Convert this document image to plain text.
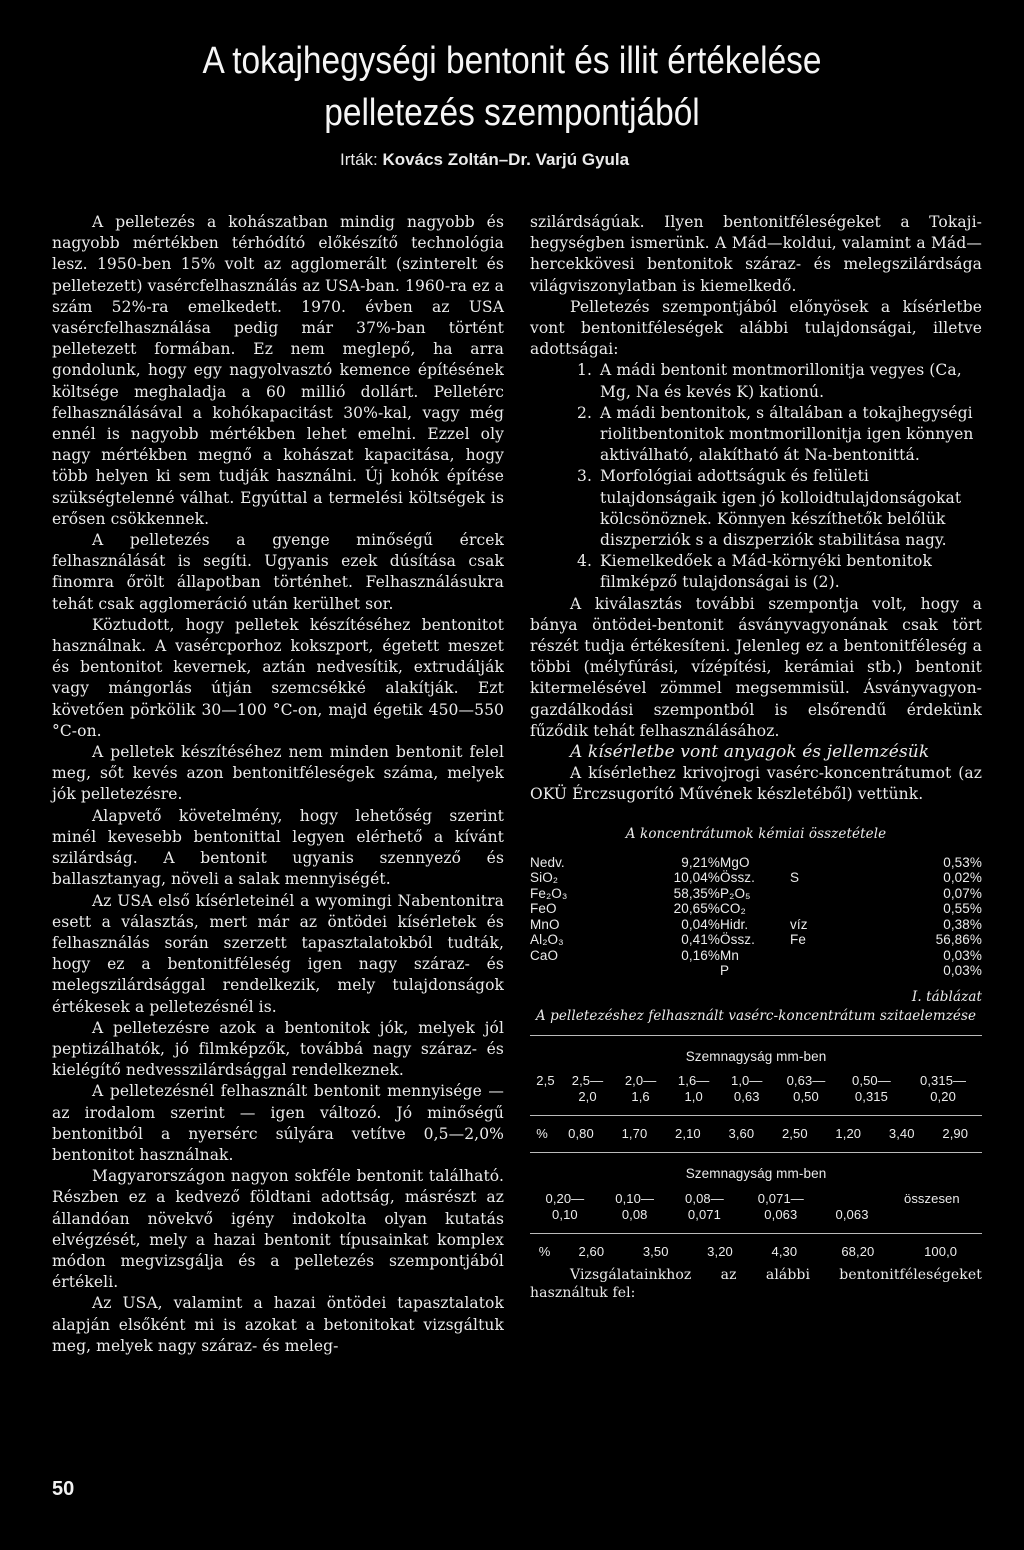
A tokajhegységi bentonit és illit értékelése
pelletezés szempontjából
Irták: Kovács Zoltán–Dr. Varjú Gyula

A pelletezés a kohászatban mindig nagyobb és nagyobb mértékben térhódító előkészítő technológia lesz. 1950-ben 15% volt az agglomerált (szinterelt és pelletezett) vasércfelhasználás az USA-ban. 1960-ra ez a szám 52%-ra emelkedett. 1970. évben az USA vasércfelhasználása pedig már 37%-ban történt pelletezett formában. Ez nem meglepő, ha arra gondolunk, hogy egy nagyolvasztó kemence építésének költsége meghaladja a 60 millió dollárt. Pelletérc felhasználásával a kohókapacitást 30%-kal, vagy még ennél is nagyobb mértékben lehet emelni. Ezzel oly nagy mértékben megnő a kohászat kapacitása, hogy több helyen ki sem tudják használni. Új kohók építése szükségtelenné válhat. Egyúttal a termelési költségek is erősen csökkennek.

A pelletezés a gyenge minőségű ércek felhasználását is segíti. Ugyanis ezek dúsítása csak finomra őrölt állapotban történhet. Felhasználásukra tehát csak agglomeráció után kerülhet sor.

Köztudott, hogy pelletek készítéséhez bentonitot használnak. A vasércporhoz kokszport, égetett meszet és bentonitot kevernek, aztán nedvesítik, extrudálják vagy mángorlás útján szemcsékké alakítják. Ezt követően pörkölik 30—100 °C-on, majd égetik 450—550 °C-on.

A pelletek készítéséhez nem minden bentonit felel meg, sőt kevés azon bentonitféleségek száma, melyek jók pelletezésre.

Alapvető követelmény, hogy lehetőség szerint minél kevesebb bentonittal legyen elérhető a kívánt szilárdság. A bentonit ugyanis szennyező és ballasztanyag, növeli a salak mennyiségét.

Az USA első kísérleteinél a wyomingi Nabentonitra esett a választás, mert már az öntödei kísérletek és felhasználás során szerzett tapasztalatokból tudták, hogy ez a bentonitféleség igen nagy száraz- és melegszilárdsággal rendelkezik, mely tulajdonságok értékesek a pelletezésnél is.

A pelletezésre azok a bentonitok jók, melyek jól peptizálhatók, jó filmképzők, továbbá nagy száraz- és kielégítő nedvesszilárdsággal rendelkeznek.

A pelletezésnél felhasznált bentonit mennyisége — az irodalom szerint — igen változó. Jó minőségű bentonitból a nyersérc súlyára vetítve 0,5—2,0% bentonitot használnak.

Magyarországon nagyon sokféle bentonit található. Részben ez a kedvező földtani adottság, másrészt az állandóan növekvő igény indokolta olyan kutatás elvégzését, mely a hazai bentonit típusainkat komplex módon megvizsgálja és a pelletezés szempontjából értékeli.

Az USA, valamint a hazai öntödei tapasztalatok alapján elsőként mi is azokat a betonitokat vizsgáltuk meg, melyek nagy száraz- és meleg-

szilárdságúak. Ilyen bentonitféleségeket a Tokaji-hegységben ismerünk. A Mád—koldui, valamint a Mád—hercekkövesi bentonitok száraz- és melegszilárdsága világviszonylatban is kiemelkedő.

Pelletezés szempontjából előnyösek a kísérletbe vont bentonitféleségek alábbi tulajdonságai, illetve adottságai:

1. A mádi bentonit montmorillonitja vegyes (Ca, Mg, Na és kevés K) kationú.
2. A mádi bentonitok, s általában a tokajhegységi riolitbentonitok montmorillonitja igen könnyen aktiválható, alakítható át Na-bentonittá.
3. Morfológiai adottságuk és felületi tulajdonságaik igen jó kolloidtulajdonságokat kölcsönöznek. Könnyen készíthetők belőlük diszperziók s a diszperziók stabilitása nagy.
4. Kiemelkedőek a Mád-környéki bentonitok filmképző tulajdonságai is (2).

A kiválasztás további szempontja volt, hogy a bánya öntödei-bentonit ásványvagyonának csak tört részét tudja értékesíteni. Jelenleg ez a bentonitféleség a többi (mélyfúrási, vízépítési, kerámiai stb.) bentonit kitermelésével zömmel megsemmisül. Ásványvagyon-gazdálkodási szempontból is elsőrendű érdekünk fűződik tehát felhasználásához.

A kísérletbe vont anyagok és jellemzésük

A kísérlethez krivojrogi vasérc-koncentrátumot (az OKÜ Érczsugorító Művének készletéből) vettünk.

A koncentrátumok kémiai összetétele
Nedv.	9,21%	MgO		0,53%
SiO₂	10,04%	Össz.	S	0,02%
Fe₂O₃	58,35%	P₂O₅		0,07%
FeO	20,65%	CO₂		0,55%
MnO	0,04%	Hidr.	víz	0,38%
Al₂O₃	0,41%	Össz.	Fe	56,86%
CaO	0,16%	Mn		0,03%
		P		0,03%
I. táblázat
A pelletezéshez felhasznált vasérc-koncentrátum szitaelemzése
Szemnagyság mm-ben
	2,5	2,5—	2,0—	1,6—	1,0—	0,63—	0,50—	0,315—
		2,0	1,6	1,0	0,63	0,50	0,315	0,20
%	0,80	1,70	2,10	3,60	2,50	1,20	3,40	2,90
Szemnagyság mm-ben
	0,20—	0,10—	0,08—	0,071—		összesen
	0,10	0,08	0,071	0,063	0,063	
%	2,60	3,50	3,20	4,30	68,20	100,0

Vizsgálatainkhoz az alábbi bentonitféleségeket használtuk fel:

50
